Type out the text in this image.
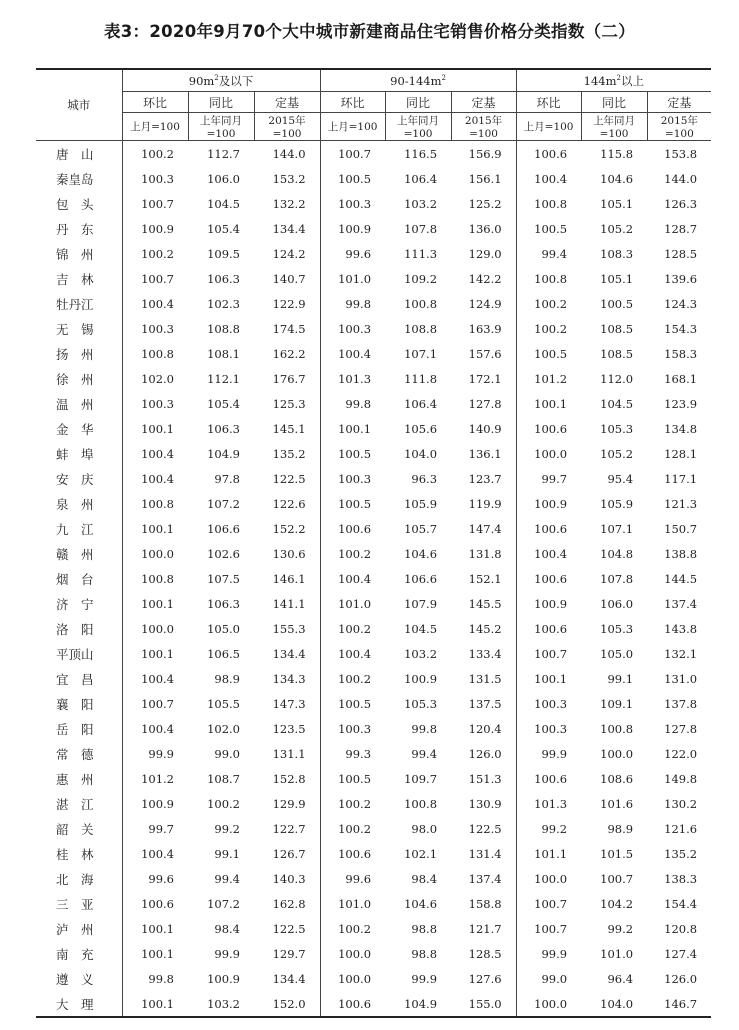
表3：2020年9月70个大中城市新建商品住宅销售价格分类指数（二）
城市	$90m^2$及以下			$90-144m^2$			$144m^2$以上		
	环比	同比	定基	环比	同比	定基	环比	同比	定基
	上月=100	上年同月=100	2015年=100	上月=100	上年同月=100	2015年=100	上月=100	上年同月=100	2015年=100
唐　山	100.2	112.7	144.0	100.7	116.5	156.9	100.6	115.8	153.8
秦皇岛	100.3	106.0	153.2	100.5	106.4	156.1	100.4	104.6	144.0
包　头	100.7	104.5	132.2	100.3	103.2	125.2	100.8	105.1	126.3
丹　东	100.9	105.4	134.4	100.9	107.8	136.0	100.5	105.2	128.7
锦　州	100.2	109.5	124.2	99.6	111.3	129.0	99.4	108.3	128.5
吉　林	100.7	106.3	140.7	101.0	109.2	142.2	100.8	105.1	139.6
牡丹江	100.4	102.3	122.9	99.8	100.8	124.9	100.2	100.5	124.3
无　锡	100.3	108.8	174.5	100.3	108.8	163.9	100.2	108.5	154.3
扬　州	100.8	108.1	162.2	100.4	107.1	157.6	100.5	108.5	158.3
徐　州	102.0	112.1	176.7	101.3	111.8	172.1	101.2	112.0	168.1
温　州	100.3	105.4	125.3	99.8	106.4	127.8	100.1	104.5	123.9
金　华	100.1	106.3	145.1	100.1	105.6	140.9	100.6	105.3	134.8
蚌　埠	100.4	104.9	135.2	100.5	104.0	136.1	100.0	105.2	128.1
安　庆	100.4	97.8	122.5	100.3	96.3	123.7	99.7	95.4	117.1
泉　州	100.8	107.2	122.6	100.5	105.9	119.9	100.9	105.9	121.3
九　江	100.1	106.6	152.2	100.6	105.7	147.4	100.6	107.1	150.7
赣　州	100.0	102.6	130.6	100.2	104.6	131.8	100.4	104.8	138.8
烟　台	100.8	107.5	146.1	100.4	106.6	152.1	100.6	107.8	144.5
济　宁	100.1	106.3	141.1	101.0	107.9	145.5	100.9	106.0	137.4
洛　阳	100.0	105.0	155.3	100.2	104.5	145.2	100.6	105.3	143.8
平顶山	100.1	106.5	134.4	100.4	103.2	133.4	100.7	105.0	132.1
宜　昌	100.4	98.9	134.3	100.2	100.9	131.5	100.1	99.1	131.0
襄　阳	100.7	105.5	147.3	100.5	105.3	137.5	100.3	109.1	137.8
岳　阳	100.4	102.0	123.5	100.3	99.8	120.4	100.3	100.8	127.8
常　德	99.9	99.0	131.1	99.3	99.4	126.0	99.9	100.0	122.0
惠　州	101.2	108.7	152.8	100.5	109.7	151.3	100.6	108.6	149.8
湛　江	100.9	100.2	129.9	100.2	100.8	130.9	101.3	101.6	130.2
韶　关	99.7	99.2	122.7	100.2	98.0	122.5	99.2	98.9	121.6
桂　林	100.4	99.1	126.7	100.6	102.1	131.4	101.1	101.5	135.2
北　海	99.6	99.4	140.3	99.6	98.4	137.4	100.0	100.7	138.3
三　亚	100.6	107.2	162.8	101.0	104.6	158.8	100.7	104.2	154.4
泸　州	100.1	98.4	122.5	100.2	98.8	121.7	100.7	99.2	120.8
南　充	100.1	99.9	129.7	100.0	98.8	128.5	99.9	101.0	127.4
遵　义	99.8	100.9	134.4	100.0	99.9	127.6	99.0	96.4	126.0
大　理	100.1	103.2	152.0	100.6	104.9	155.0	100.0	104.0	146.7
